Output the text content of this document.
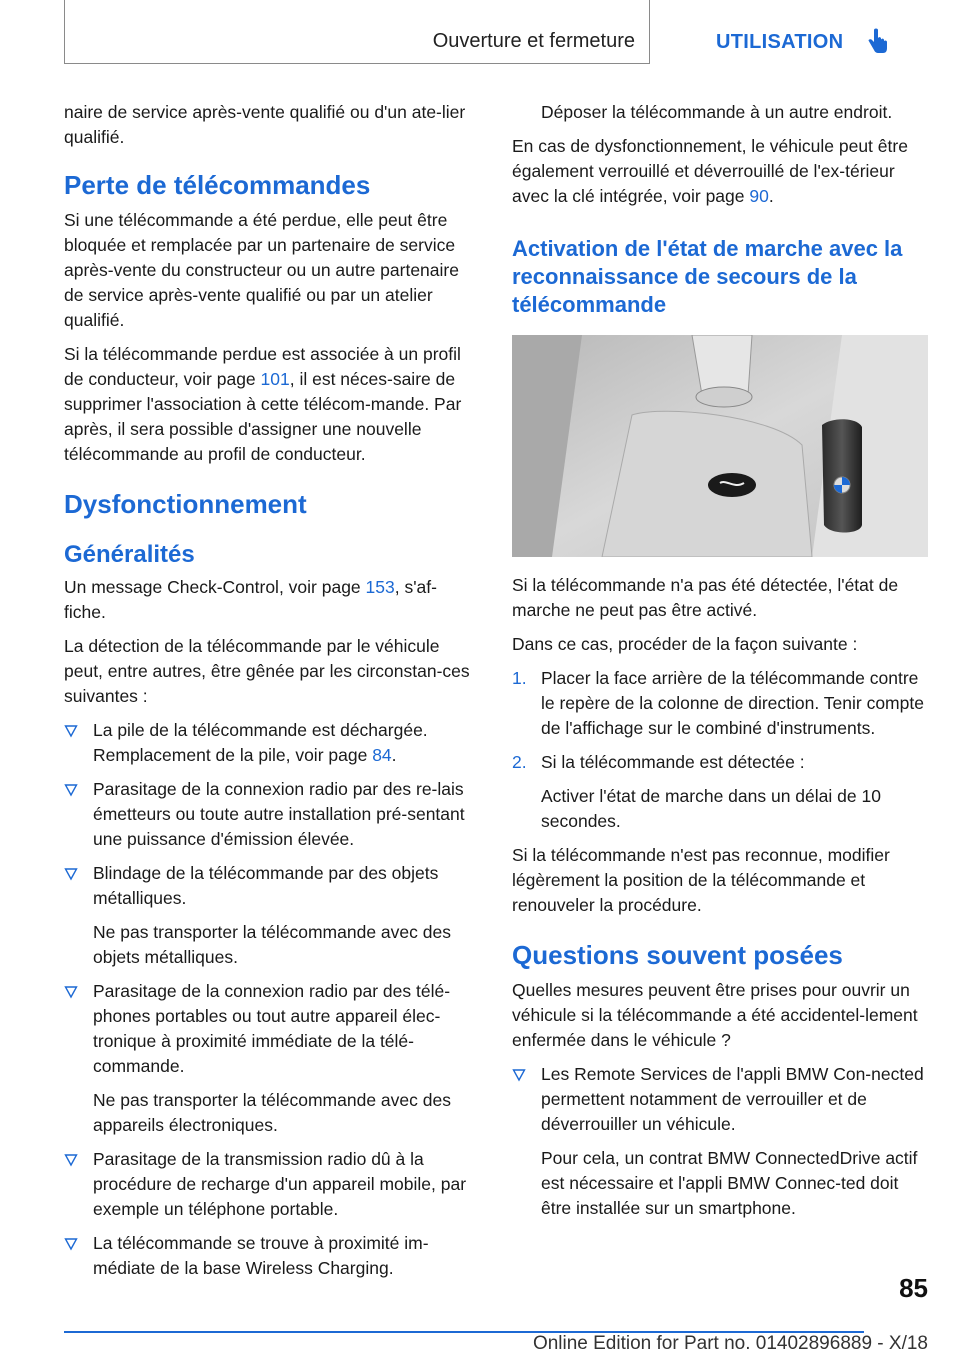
Ouverture et fermeture	UTILISATION

naire de service après-vente qualifié ou d'un ate-lier qualifié.

Perte de télécommandes

Si une télécommande a été perdue, elle peut être bloquée et remplacée par un partenaire de service après-vente du constructeur ou un autre partenaire de service après-vente qualifié ou par un atelier qualifié.

Si la télécommande perdue est associée à un profil de conducteur, voir page 101, il est néces-saire de supprimer l'association à cette télécom-mande. Par après, il sera possible d'assigner une nouvelle télécommande au profil de conducteur.

Dysfonctionnement
Généralités

Un message Check-Control, voir page 153, s'af-fiche.

La détection de la télécommande par le véhicule peut, entre autres, être gênée par les circonstan-ces suivantes :

La pile de la télécommande est déchargée. Remplacement de la pile, voir page 84.
Parasitage de la connexion radio par des re-lais émetteurs ou toute autre installation pré-sentant une puissance d'émission élevée.
Blindage de la télécommande par des objets métalliques.
Ne pas transporter la télécommande avec des objets métalliques.
Parasitage de la connexion radio par des télé-phones portables ou tout autre appareil élec-tronique à proximité immédiate de la télé-commande.
Ne pas transporter la télécommande avec des appareils électroniques.
Parasitage de la transmission radio dû à la procédure de recharge d'un appareil mobile, par exemple un téléphone portable.
La télécommande se trouve à proximité im-médiate de la base Wireless Charging.

Déposer la télécommande à un autre endroit.

En cas de dysfonctionnement, le véhicule peut être également verrouillé et déverrouillé de l'ex-térieur avec la clé intégrée, voir page 90.

Activation de l'état de marche avec la reconnaissance de secours de la télécommande

Si la télécommande n'a pas été détectée, l'état de marche ne peut pas être activé.

Dans ce cas, procéder de la façon suivante :

1. Placer la face arrière de la télécommande contre le repère de la colonne de direction. Tenir compte de l'affichage sur le combiné d'instruments.
2. Si la télécommande est détectée :
Activer l'état de marche dans un délai de 10 secondes.

Si la télécommande n'est pas reconnue, modifier légèrement la position de la télécommande et renouveler la procédure.

Questions souvent posées

Quelles mesures peuvent être prises pour ouvrir un véhicule si la télécommande a été accidentel-lement enfermée dans le véhicule ?

Les Remote Services de l'appli BMW Con-nected permettent notamment de verrouiller et de déverrouiller un véhicule.
Pour cela, un contrat BMW ConnectedDrive actif est nécessaire et l'appli BMW Connec-ted doit être installée sur un smartphone.
85
Online Edition for Part no. 01402896889 - X/18
